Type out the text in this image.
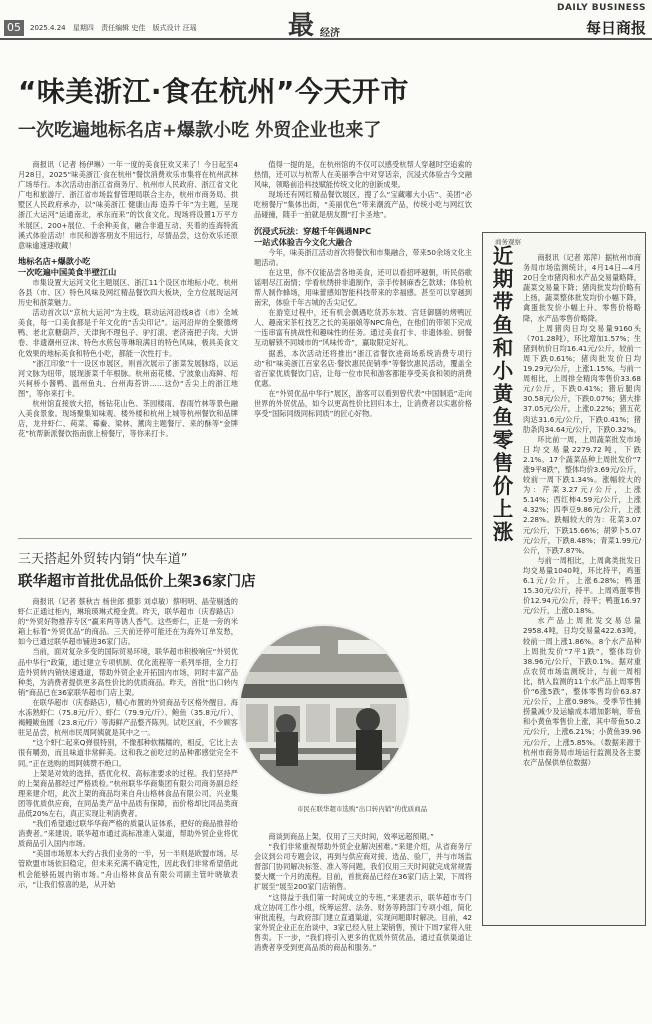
05	2025.4.24 星期四 责任编辑 史佳 版式设计 汪瑶	最 经济
DAILY BUSINESS
每日商报
“味美浙江·食在杭州”今天开市
一次吃遍地标名店+爆款小吃 外贸企业也来了

商报讯（记者 杨伊琳）一年一度的美食狂欢又来了！今日起至4月28日，2025“味美浙江·食在杭州”餐饮消费欢乐市集将在杭州武林广场举行。本次活动由浙江省商务厅、杭州市人民政府、浙江省文化广电和旅游厅、浙江省市场监督管理局联合主办，杭州市商务局、拱墅区人民政府承办，以“味美浙江 健康山海 造养千年”为主题，呈现浙江大运河“运通南北，承东而来”的饮食文化。现场将设置1万平方米展区、200+展位、千余种美食，融合非遗互动、夹着的连海特流溪式体验活动！市民和游客朋友不用远行，尽情品尝，这份欢乐还原意味逾速速收藏！

地标名店+爆款小吃
一次吃遍中国美食半壁江山

市集设置大运河文化主题展区、浙江11个设区市地标小吃、杭州各县（市、区）特色风味及网红精品餐饮四大板块，全方位展现运河历史和浙菜魅力。

活动首次以“京杭大运河”为主线，联动运河沿线8省（市）全域美食，每一口美食都是千年文化的“舌尖印记”。运河沿岸的全聚德烤鸭、老北京糖葫芦、天津狗不理包子、驴打滚、老济南把子肉、大饼卷、非遗潮州豆沫、特色水煎包等琳琅满目的特色风味，极具美食文化效果的地标美食和特色小吃，都能一次性打卡。

“浙江印象”十一设区市展区，则首次展示了浙菜发展脉络，以运河文脉为纽带，展现浙菜千年根脉。杭州南花楼、宁波象山海鲜、绍兴柯桥小酱鸭、温州鱼丸、台州海苔饼……这份“舌尖上的浙江地图”，等你来打卡。

杭州馆直接放大招，杨钻花山色、茶园楼雨、春雨竹林等景色融入美食景象。现场聚集知味观、楼外楼和杭州上城等杭州餐饮和品牌店，龙井虾仁、莼菜、霉鲞、梁林、薰肉主题餐厅、来的酥等“金牌花”杭帮新派餐饮指南旅上榜餐厅，等你来打卡。

值得一提的是，在杭州馆的不仅可以感受杭帮人穿越时空追索的热情，还可以与杭帮人在美丽季合中对穿话亲，沉浸式体验吉今交融风味，领略前沿科技赋能传统文化的创新成果。

现场还有网红精品餐饮展区，搜了么“宝藏嘟大小店”、美团“必吃榜餐厅”集体出街，“美丽优色”带来潮流产品，传统小吃与网红饮品碰撞，随手一拍就是朋友圈“打卡圣地”。

沉浸式玩法：穿越千年偶遇NPC
一站式体验吉今文化大融合

今年，味美浙江活动首次将餐饮和市集融合，带来50余场文化主题活动。

在这里，你不仅能品尝各地美食，还可以看招呼越朝，听民俗歌谣唱尽江南情；学看杭绣拼非遗制作，亲手传制麻香乞款球；体验杭帮人制作蜂场，用味蕾感知智能科技带来的幸福感。甚至可以穿越到南宋，体验千年古城的舌尖记忆。

在游览过程中，还有机会偶遇吃货苏东坡、宫廷御膳的烤鸭匠人、趣南宋茶杠技艺之长的美丽娘等NPC角色，在他们的带领下完成一连串富有挑战性和趣味性的任务。通过美食打卡、非遗体验、厨餐互动解锁不同城市的“风味传奇”，赢取限定好礼。

据悉，本次活动还将推出“浙江省餐饮进商场系统消费专项行动”和“味美浙江百家名店·餐饮惠民促销季”等餐饮惠民活动，覆盖全省百家优质餐饮门店，让每一位市民和游客都能享受美食和领的消费优惠。

在“外贸优品中华行”展区，游客可以看到曾代表“中国制造”走向世界的外贸优品，如今以更高性价比回归本土，让消费者以实惠价格享受“国际同级同标同质”的匠心好物。

三天搭起外贸转内销“快车道”
联华超市首批优品低价上架36家门店

商报讯（记者 蔡秋吉 杨世郎 摄影 刘卓敏）蔡明明、晶莹剔透的虾仁正通过柜内，琳琅瑛琳式橙金黄。昨天，联华超市（庆春路店）的“外贸好物推荐专区”赢来两等诱人香气。这些虾仁，正是一旁的米箱上标着“外贸优品”的商品。三天前还停可能还在为海外订单发愁，如今已通过联华超市铺进36家门店。

当前，面对复杂多变的国际贸易环境，联华超市积极响应“外贸优品中华行”政策，通过建立专项机制、优化流程等一系列举措，全力打造外贸转内销快速通道，帮助外贸企业开拓国内市场，同时丰富产品种类，为消费者提供更多高性价比的优质商品。昨天，首批“出口转内销”商品已在36家联华超市门店上架。

在联华超市（庆春路店），精心布置的外贸商品专区格外醒目。海水冻熟虾仁（75.8元/斤）、虾仁（79.9元/斤）、鲍鱼（35.8元/斤）、褐鳗鲅鱼圆（23.8元/斤）等海鲜产品整齐陈列。试吃区前，不少顾客驻足品尝，杭州市民周阿姨就是其中之一。

“这个虾仁起来Q弹很特别，不像那种软糯糯的，相反，它比上去很有嚼劲，而且味道非常鲜美。这和我之前吃过的品种都感觉完全不同。”正在选购的周阿姨赞不绝口。

上架是对效的选择，搭优化权、高标准要求的过程。我们坚持严的上架商品都经过严格质检。”杭州联华华商集团有限公司商务副总经理来建介绍，此次上架的商品均来自舟山格林食品有限公司、兴业集团等优质供应商，在同品类产品中品质有保障，而价格却比同品类商品低20%左右，真正实现让利消费者。

“我们希望通过联华华商严格的质量认证体系，把好的商品推荐给消费者。”来建说。联华超市通过高标准准入渠道，帮助外贸企业将优质商品引入国内市场。

“美国市场原本大约占我们业务的一半，另一半则是欧盟市场。尽管欧盟市场依旧稳定，但未来充满不确定性，因此我们非常希望借此机会能够拓展内销市场。”舟山格林食品有限公司副主管叶晓敏表示，“让我们惊喜的是，从开始

市民在联华超市选购“出口转内销”的优质商品

商谈到商品上架，仅用了三天时间，效率远超预期。”

“我们非常重视帮助外贸企业解决困难。”来建介绍，从省商务厅会议到公司专题会议，再到与供应商对接、选品、验厂，并与市场监督部门协同解决标签、准入等问题，我们仅用三天时间就完成常规需要大概一个月的流程。目前，首批商品已经在36家门店上架，下周将扩展至“展至200家门店销售。

“这得益于我们第一时间成立的专班，”来建表示，联华超市专门成立协同工作小组，统筹运营、法务、财务等跨部门专项小组，简化审批流程，与政府部门建立直通渠道，实现问题即时解决。目前，42家外贸企业正在治谈中，3家已经入驻上架销售，预计下周7家将入驻售卖。下一步，“我们将引入更多的优质外贸优品，通过直供渠道让消费者享受到更高品质的商品和服务。”

商务观察
近期带鱼和小黄鱼零售价上涨

商报讯（记者 郑萍）据杭州市商务局市场监测统计，4月14日—4月20日全市猪肉和水产品交易量略降，蔬菜交易量下降；猪肉批发均价略有上扬，蔬菜整体批发均价小幅下降，禽蛋批发价小幅上升、零售价格略降，水产品零售价略降。

上周猪肉日均交易量9160头（701.28吨），环比增加1.57%；生猪到杭价日均16.41元/公斤，较前一周下跌0.61%；猪肉批发价日均19.29元/公斤，上涨1.15%。与前一周相比，上周排全精肉零售价33.68元/公斤，下跌0.41%；猪后腿肉30.58元/公斤，下跌0.07%；猪大排37.05元/公斤，上涨0.22%；猪五花肉达31.6元/公斤，下跌0.41%；猪肋条肉34.64元/公斤，下跌0.32%。

环比前一周，上周蔬菜批发市场日均交易量2279.72吨，下跌2.1%。17个蔬菜品种上周批发价“7涨9平8跌”，整体均价3.69元/公斤，较前一周下跌1.34%。涨幅较大的为：芹菜3.27元/公斤，上涨5.14%；西红柿4.59元/公斤，上涨4.32%；四季豆9.86元/公斤，上涨2.28%。跌幅较大的为：花菜3.07元/公斤，下跌15.66%；胡萝卜5.07元/公斤，下跌8.48%；青菜1.99元/公斤，下跌7.87%。

与前一周相比，上周禽类批发日均交易量1040吨，环比持平，鸡蛋6.1元/公斤，上涨6.28%；鸭蛋15.30元/公斤，持平。上周鸡蛋零售价12.94元/公斤，持平；鸭蛋16.97元/公斤，上涨0.18%。

水产品上周批发交易总量2958.4吨，日均交易量422.63吨，较前一周上涨1.86%。8个水产品种上周批发价“7平1跌”，整体均价38.96元/公斤，下跌0.1%。据对重点农贸市场监测统计，与前一周相比，纳入监测的11个水产品上周零售价“6涨5跌”，整体零售均价63.87元/公斤，上涨0.98%。受季节性捕捞量减少及运输成本增加影响，带鱼和小黄鱼零售价上涨，其中带鱼50.2元/公斤，上涨6.21%；小黄鱼39.96元/公斤，上涨5.85%。（数据来源于杭州市商务局市场运行监测及各主要农产品保供单位数据）
